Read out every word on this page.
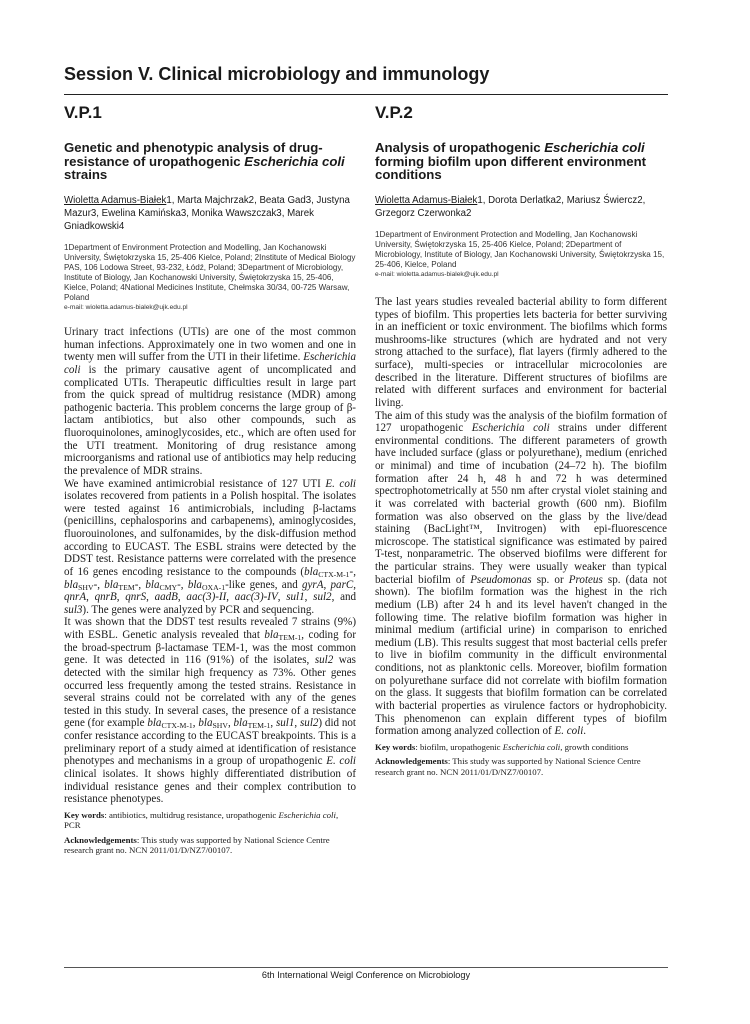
Session V. Clinical microbiology and immunology
V.P.1
Genetic and phenotypic analysis of drug-resistance of uropathogenic Escherichia coli strains

Wioletta Adamus-Białek1, Marta Majchrzak2, Beata Gad3, Justyna Mazur3, Ewelina Kamińska3, Monika Wawszczak3, Marek Gniadkowski4

1Department of Environment Protection and Modelling, Jan Kochanowski University, Świętokrzyska 15, 25-406 Kielce, Poland; 2Institute of Medical Biology PAS, 106 Lodowa Street, 93-232, Łódź, Poland; 3Department of Microbiology, Institute of Biology, Jan Kochanowski University, Świętokrzyska 15, 25-406, Kielce, Poland; 4National Medicines Institute, Chełmska 30/34, 00-725 Warsaw, Poland

e-mail: wioletta.adamus-bialek@ujk.edu.pl

Urinary tract infections (UTIs) are one of the most common human infections. Approximately one in two women and one in twenty men will suffer from the UTI in their lifetime. Escherichia coli is the primary causative agent of uncomplicated and complicated UTIs. Therapeutic difficulties result in large part from the quick spread of multidrug resistance (MDR) among pathogenic bacteria. This problem concerns the large group of β-lactam antibiotics, but also other compounds, such as fluoroquinolones, aminoglycosides, etc., which are often used for the UTI treatment. Monitoring of drug resistance among microorganisms and rational use of antibiotics may help reducing the prevalence of MDR strains.

We have examined antimicrobial resistance of 127 UTI E. coli isolates recovered from patients in a Polish hospital. The isolates were tested against 16 antimicrobials, including β-lactams (penicillins, cephalosporins and carbapenems), aminoglycosides, fluorouinolones, and sulfonamides, by the disk-diffusion method according to EUCAST. The ESBL strains were detected by the DDST test. Resistance patterns were correlated with the presence of 16 genes encoding resistance to the compounds (bla$_{CTX-M-1}$-, bla$_{SHV}$-, bla$_{TEM}$-, bla$_{CMY}$-, bla$_{OXA-1}$-like genes, and gyrA, parC, qnrA, qnrB, qnrS, aadB, aac(3)-II, aac(3)-IV, sul1, sul2, and sul3). The genes were analyzed by PCR and sequencing.

It was shown that the DDST test results revealed 7 strains (9%) with ESBL. Genetic analysis revealed that bla$_{TEM-1}$, coding for the broad-spectrum β-lactamase TEM-1, was the most common gene. It was detected in 116 (91%) of the isolates, sul2 was detected with the similar high frequency as 73%. Other genes occurred less frequently among the tested strains. Resistance in several strains could not be correlated with any of the genes tested in this study. In several cases, the presence of a resistance gene (for example bla$_{CTX-M-1}$, bla$_{SHV}$, bla$_{TEM-1}$, sul1, sul2) did not confer resistance according to the EUCAST breakpoints. This is a preliminary report of a study aimed at identification of resistance phenotypes and mechanisms in a group of uropathogenic E. coli clinical isolates. It shows highly differentiated distribution of individual resistance genes and their complex contribution to resistance phenotypes.

Key words: antibiotics, multidrug resistance, uropathogenic Escherichia coli, PCR

Acknowledgements: This study was supported by National Science Centre research grant no. NCN 2011/01/D/NZ7/00107.

V.P.2
Analysis of uropathogenic Escherichia coli forming biofilm upon different environment conditions

Wioletta Adamus-Białek1, Dorota Derlatka2, Mariusz Świercz2, Grzegorz Czerwonka2

1Department of Environment Protection and Modelling, Jan Kochanowski University, Świętokrzyska 15, 25-406 Kielce, Poland; 2Department of Microbiology, Institute of Biology, Jan Kochanowski University, Świętokrzyska 15, 25-406, Kielce, Poland

e-mail: wioletta.adamus-bialek@ujk.edu.pl

The last years studies revealed bacterial ability to form different types of biofilm. This properties lets bacteria for better surviving in an inefficient or toxic environment. The biofilms which forms mushrooms-like structures (which are hydrated and not very strong attached to the surface), flat layers (firmly adhered to the surface), multi-species or intracellular microcolonies are described in the literature. Different structures of biofilms are related with different surfaces and environment for bacterial living.

The aim of this study was the analysis of the biofilm formation of 127 uropathogenic Escherichia coli strains under different environmental conditions. The different parameters of growth have included surface (glass or polyurethane), medium (enriched or minimal) and time of incubation (24–72 h). The biofilm formation after 24 h, 48 h and 72 h was determined spectrophotometrically at 550 nm after crystal violet staining and it was correlated with bacterial growth (600 nm). Biofilm formation was also observed on the glass by the live/dead staining (BacLight™, Invitrogen) with epi-fluorescence microscope. The statistical significance was estimated by paired T-test, nonparametric. The observed biofilms were different for the particular strains. They were usually weaker than typical bacterial biofilm of Pseudomonas sp. or Proteus sp. (data not shown). The biofilm formation was the highest in the rich medium (LB) after 24 h and its level haven't changed in the following time. The relative biofilm formation was higher in minimal medium (artificial urine) in comparison to enriched medium (LB). This results suggest that most bacterial cells prefer to live in biofilm community in the difficult environmental conditions, not as planktonic cells. Moreover, biofilm formation on polyurethane surface did not correlate with biofilm formation on the glass. It suggests that biofilm formation can be correlated with bacterial properties as virulence factors or hydrophobicity. This phenomenon can explain different types of biofilm formation among analyzed collection of E. coli.

Key words: biofilm, uropathogenic Escherichia coli, growth conditions

Acknowledgements: This study was supported by National Science Centre research grant no. NCN 2011/01/D/NZ7/00107.

6th International Weigl Conference on Microbiology
